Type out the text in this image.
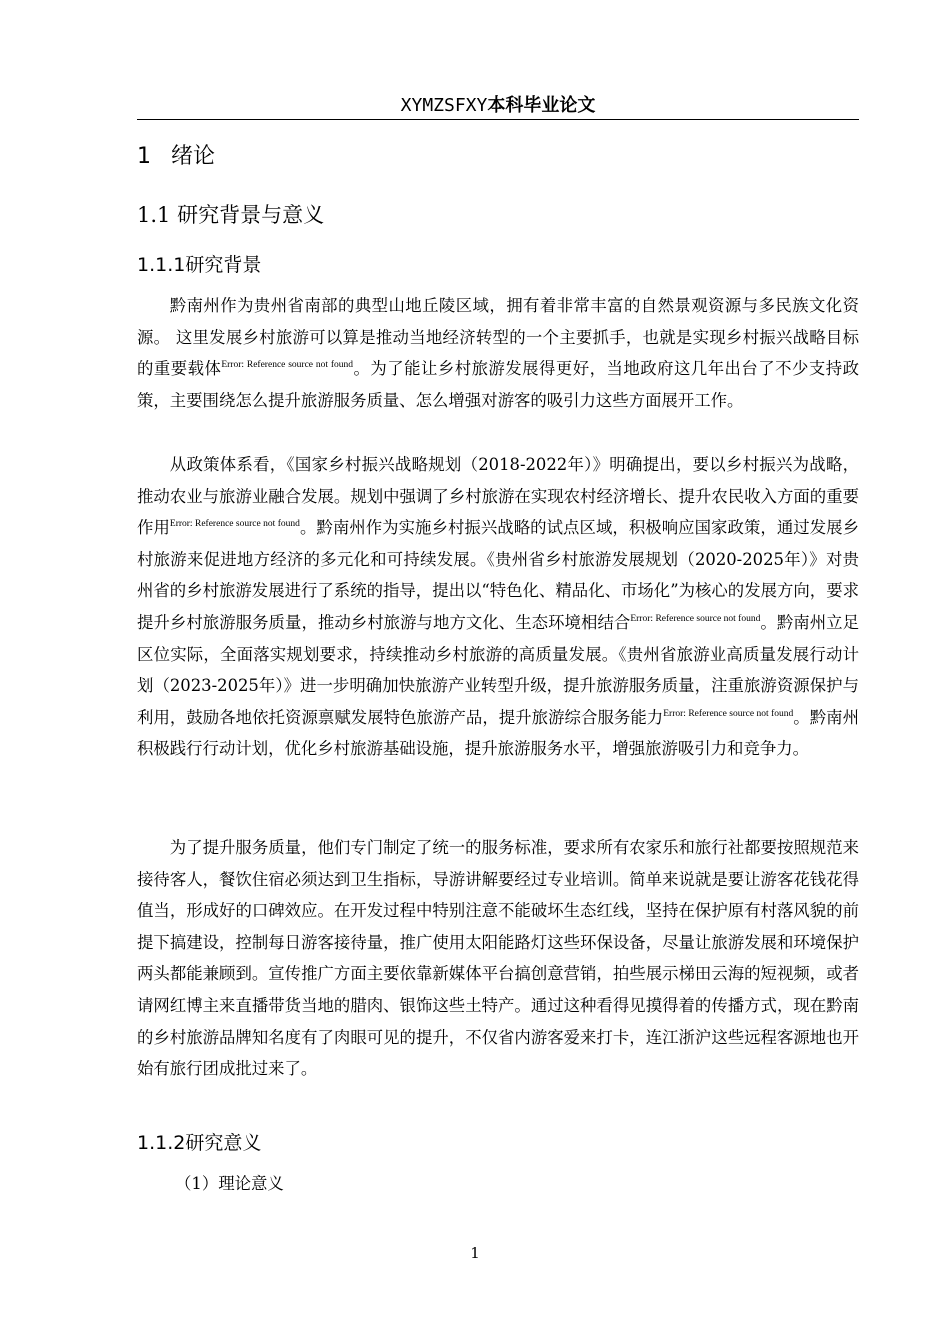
XYMZSFXY本科毕业论文
1 绪论
1.1 研究背景与意义
1.1.1研究背景

黔南州作为贵州省南部的典型山地丘陵区域，拥有着非常丰富的自然景观资源与多民族文化资源。 这里发展乡村旅游可以算是推动当地经济转型的一个主要抓手，也就是实现乡村振兴战略目标的重要载体$^{Error: Reference source not found}$。为了能让乡村旅游发展得更好，当地政府这几年出台了不少支持政策，主要围绕怎么提升旅游服务质量、怎么增强对游客的吸引力这些方面展开工作。

从政策体系看，《国家乡村振兴战略规划（2018-2022年）》明确提出，要以乡村振兴为战略，推动农业与旅游业融合发展。规划中强调了乡村旅游在实现农村经济增长、提升农民收入方面的重要作用$^{Error: Reference source not found}$。黔南州作为实施乡村振兴战略的试点区域，积极响应国家政策，通过发展乡村旅游来促进地方经济的多元化和可持续发展。《贵州省乡村旅游发展规划（2020-2025年）》对贵州省的乡村旅游发展进行了系统的指导，提出以“特色化、精品化、市场化”为核心的发展方向，要求提升乡村旅游服务质量，推动乡村旅游与地方文化、生态环境相结合$^{Error: Reference source not found}$。黔南州立足区位实际，全面落实规划要求，持续推动乡村旅游的高质量发展。《贵州省旅游业高质量发展行动计划（2023-2025年）》进一步明确加快旅游产业转型升级，提升旅游服务质量，注重旅游资源保护与利用，鼓励各地依托资源禀赋发展特色旅游产品，提升旅游综合服务能力$^{Error: Reference source not found}$。黔南州积极践行行动计划，优化乡村旅游基础设施，提升旅游服务水平，增强旅游吸引力和竞争力。

为了提升服务质量，他们专门制定了统一的服务标准，要求所有农家乐和旅行社都要按照规范来接待客人，餐饮住宿必须达到卫生指标，导游讲解要经过专业培训。简单来说就是要让游客花钱花得值当，形成好的口碑效应。在开发过程中特别注意不能破坏生态红线，坚持在保护原有村落风貌的前提下搞建设，控制每日游客接待量，推广使用太阳能路灯这些环保设备，尽量让旅游发展和环境保护两头都能兼顾到。宣传推广方面主要依靠新媒体平台搞创意营销，拍些展示梯田云海的短视频，或者请网红博主来直播带货当地的腊肉、银饰这些土特产。通过这种看得见摸得着的传播方式，现在黔南的乡村旅游品牌知名度有了肉眼可见的提升，不仅省内游客爱来打卡，连江浙沪这些远程客源地也开始有旅行团成批过来了。

1.1.2研究意义
（1）理论意义
1
